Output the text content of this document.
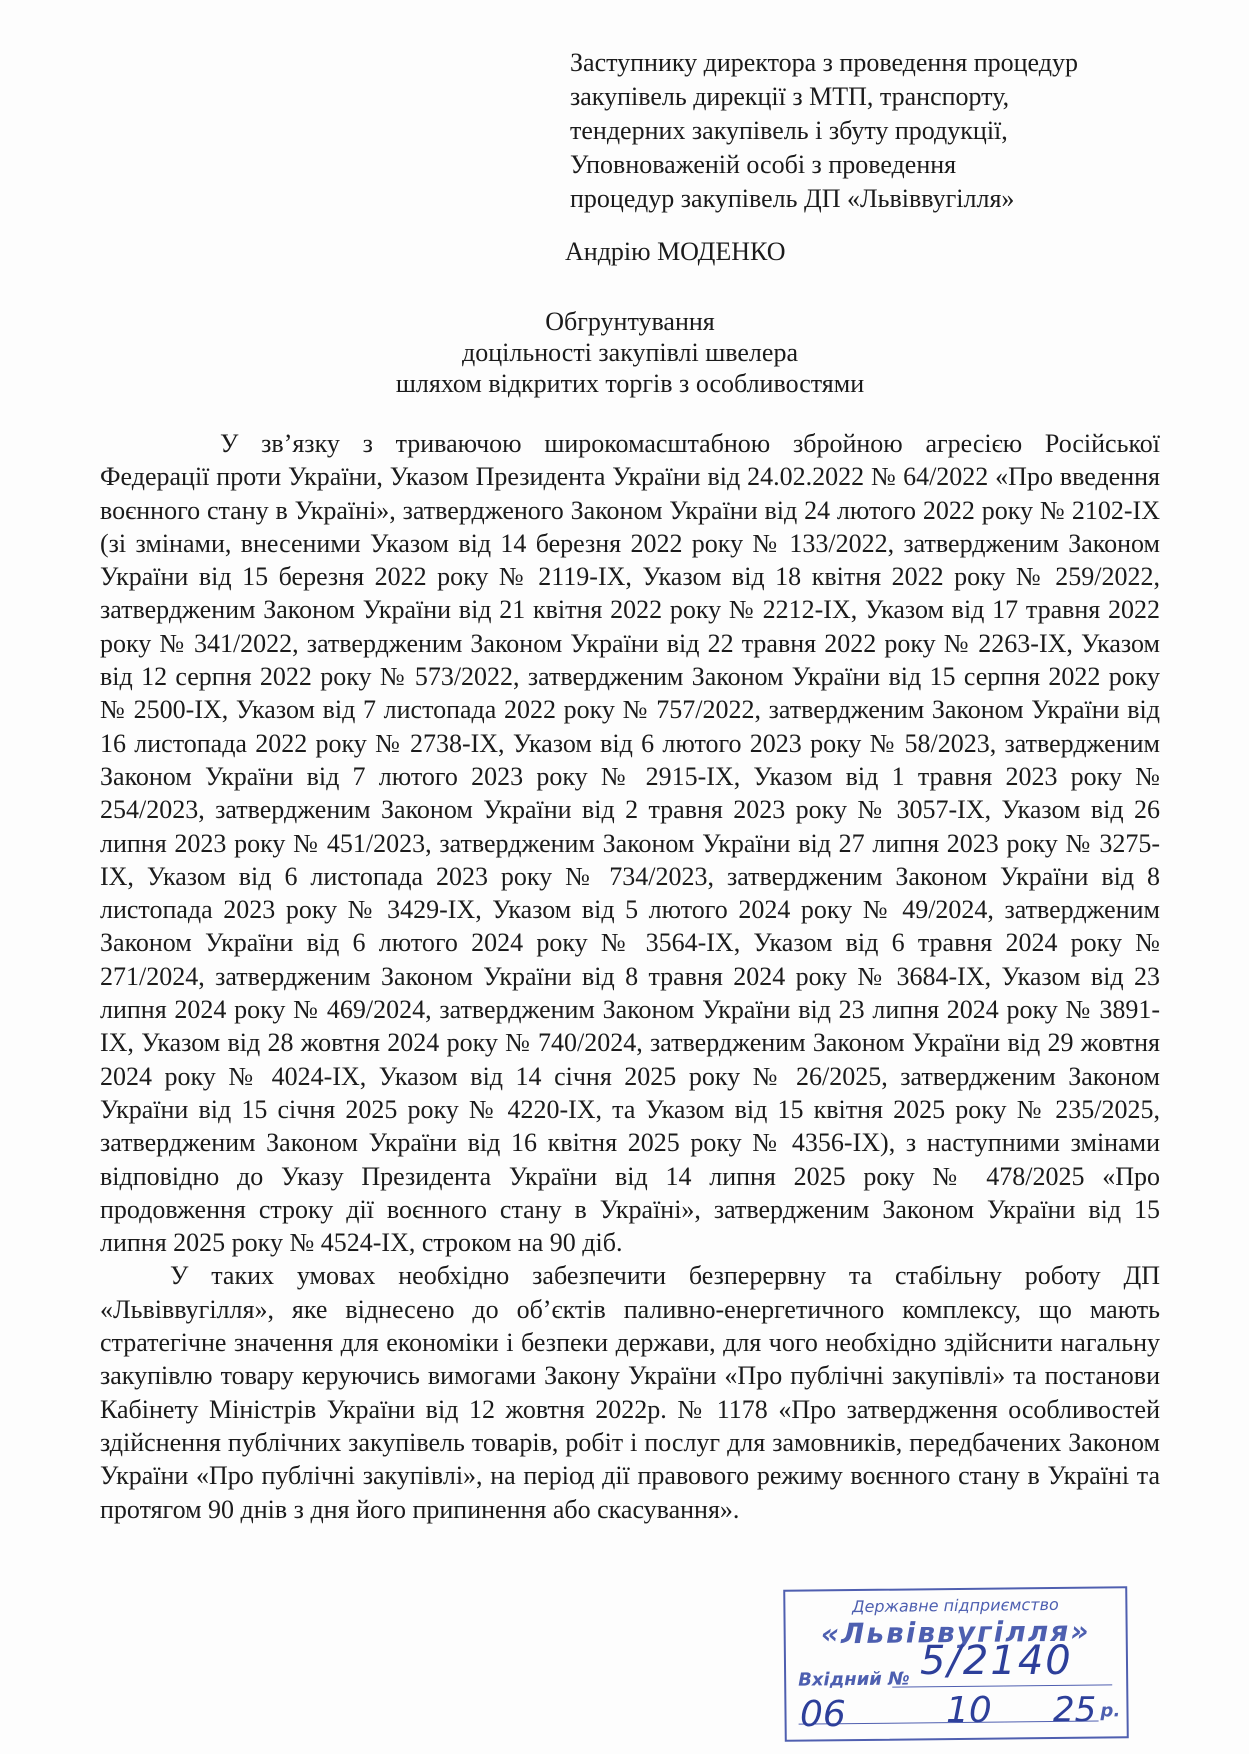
Заступнику директора з проведення процедур
закупівель дирекції з МТП, транспорту,
тендерних закупівель і збуту продукції,
Уповноваженій особі з проведення
процедур закупівель ДП «Львіввугілля»
Андрію МОДЕНКО
Обгрунтування
доцільності закупівлі швелера
шляхом відкритих торгів з особливостями

У зв’язку з триваючою широкомасштабною збройною агресією Російської Федерації проти України, Указом Президента України від 24.02.2022 № 64/2022 «Про введення воєнного стану в Україні», затвердженого Законом України від 24 лютого 2022 року № 2102-ІХ (зі змінами, внесеними Указом від 14 березня 2022 року № 133/2022, затвердженим Законом України від 15 березня 2022 року № 2119-ІХ, Указом від 18 квітня 2022 року № 259/2022, затвердженим Законом України від 21 квітня 2022 року № 2212-ІХ, Указом від 17 травня 2022 року № 341/2022, затвердженим Законом України від 22 травня 2022 року № 2263-ІХ, Указом від 12 серпня 2022 року № 573/2022, затвердженим Законом України від 15 серпня 2022 року № 2500-ІХ, Указом від 7 листопада 2022 року № 757/2022, затвердженим Законом України від 16 листопада 2022 року № 2738-ІХ, Указом від 6 лютого 2023 року № 58/2023, затвердженим Законом України від 7 лютого 2023 року № 2915-ІХ, Указом від 1 травня 2023 року № 254/2023, затвердженим Законом України від 2 травня 2023 року № 3057-ІХ, Указом від 26 липня 2023 року № 451/2023, затвердженим Законом України від 27 липня 2023 року № 3275-ІХ, Указом від 6 листопада 2023 року № 734/2023, затвердженим Законом України від 8 листопада 2023 року № 3429-ІХ, Указом від 5 лютого 2024 року № 49/2024, затвердженим Законом України від 6 лютого 2024 року № 3564-ІХ, Указом від 6 травня 2024 року № 271/2024, затвердженим Законом України від 8 травня 2024 року № 3684-ІХ, Указом від 23 липня 2024 року № 469/2024, затвердженим Законом України від 23 липня 2024 року № 3891-ІХ, Указом від 28 жовтня 2024 року № 740/2024, затвердженим Законом України від 29 жовтня 2024 року № 4024-ІХ, Указом від 14 січня 2025 року № 26/2025, затвердженим Законом України від 15 січня 2025 року № 4220-ІХ, та Указом від 15 квітня 2025 року № 235/2025, затвердженим Законом України від 16 квітня 2025 року № 4356-ІХ), з наступними змінами відповідно до Указу Президента України від 14 липня 2025 року № 478/2025 «Про продовження строку дії воєнного стану в Україні», затвердженим Законом України від 15 липня 2025 року № 4524-ІХ, строком на 90 діб.

У таких умовах необхідно забезпечити безперервну та стабільну роботу ДП «Львіввугілля», яке віднесено до об’єктів паливно-енергетичного комплексу, що мають стратегічне значення для економіки і безпеки держави, для чого необхідно здійснити нагальну закупівлю товару керуючись вимогами Закону України «Про публічні закупівлі» та постанови Кабінету Міністрів України від 12 жовтня 2022р. № 1178 «Про затвердження особливостей здійснення публічних закупівель товарів, робіт і послуг для замовників, передбачених Законом України «Про публічні закупівлі», на період дії правового режиму воєнного стану в Україні та протягом 90 днів з дня його припинення або скасування».

Державне підприємство
«Львіввугілля»
Вхідний №
р.
5/2140
06	10 25
